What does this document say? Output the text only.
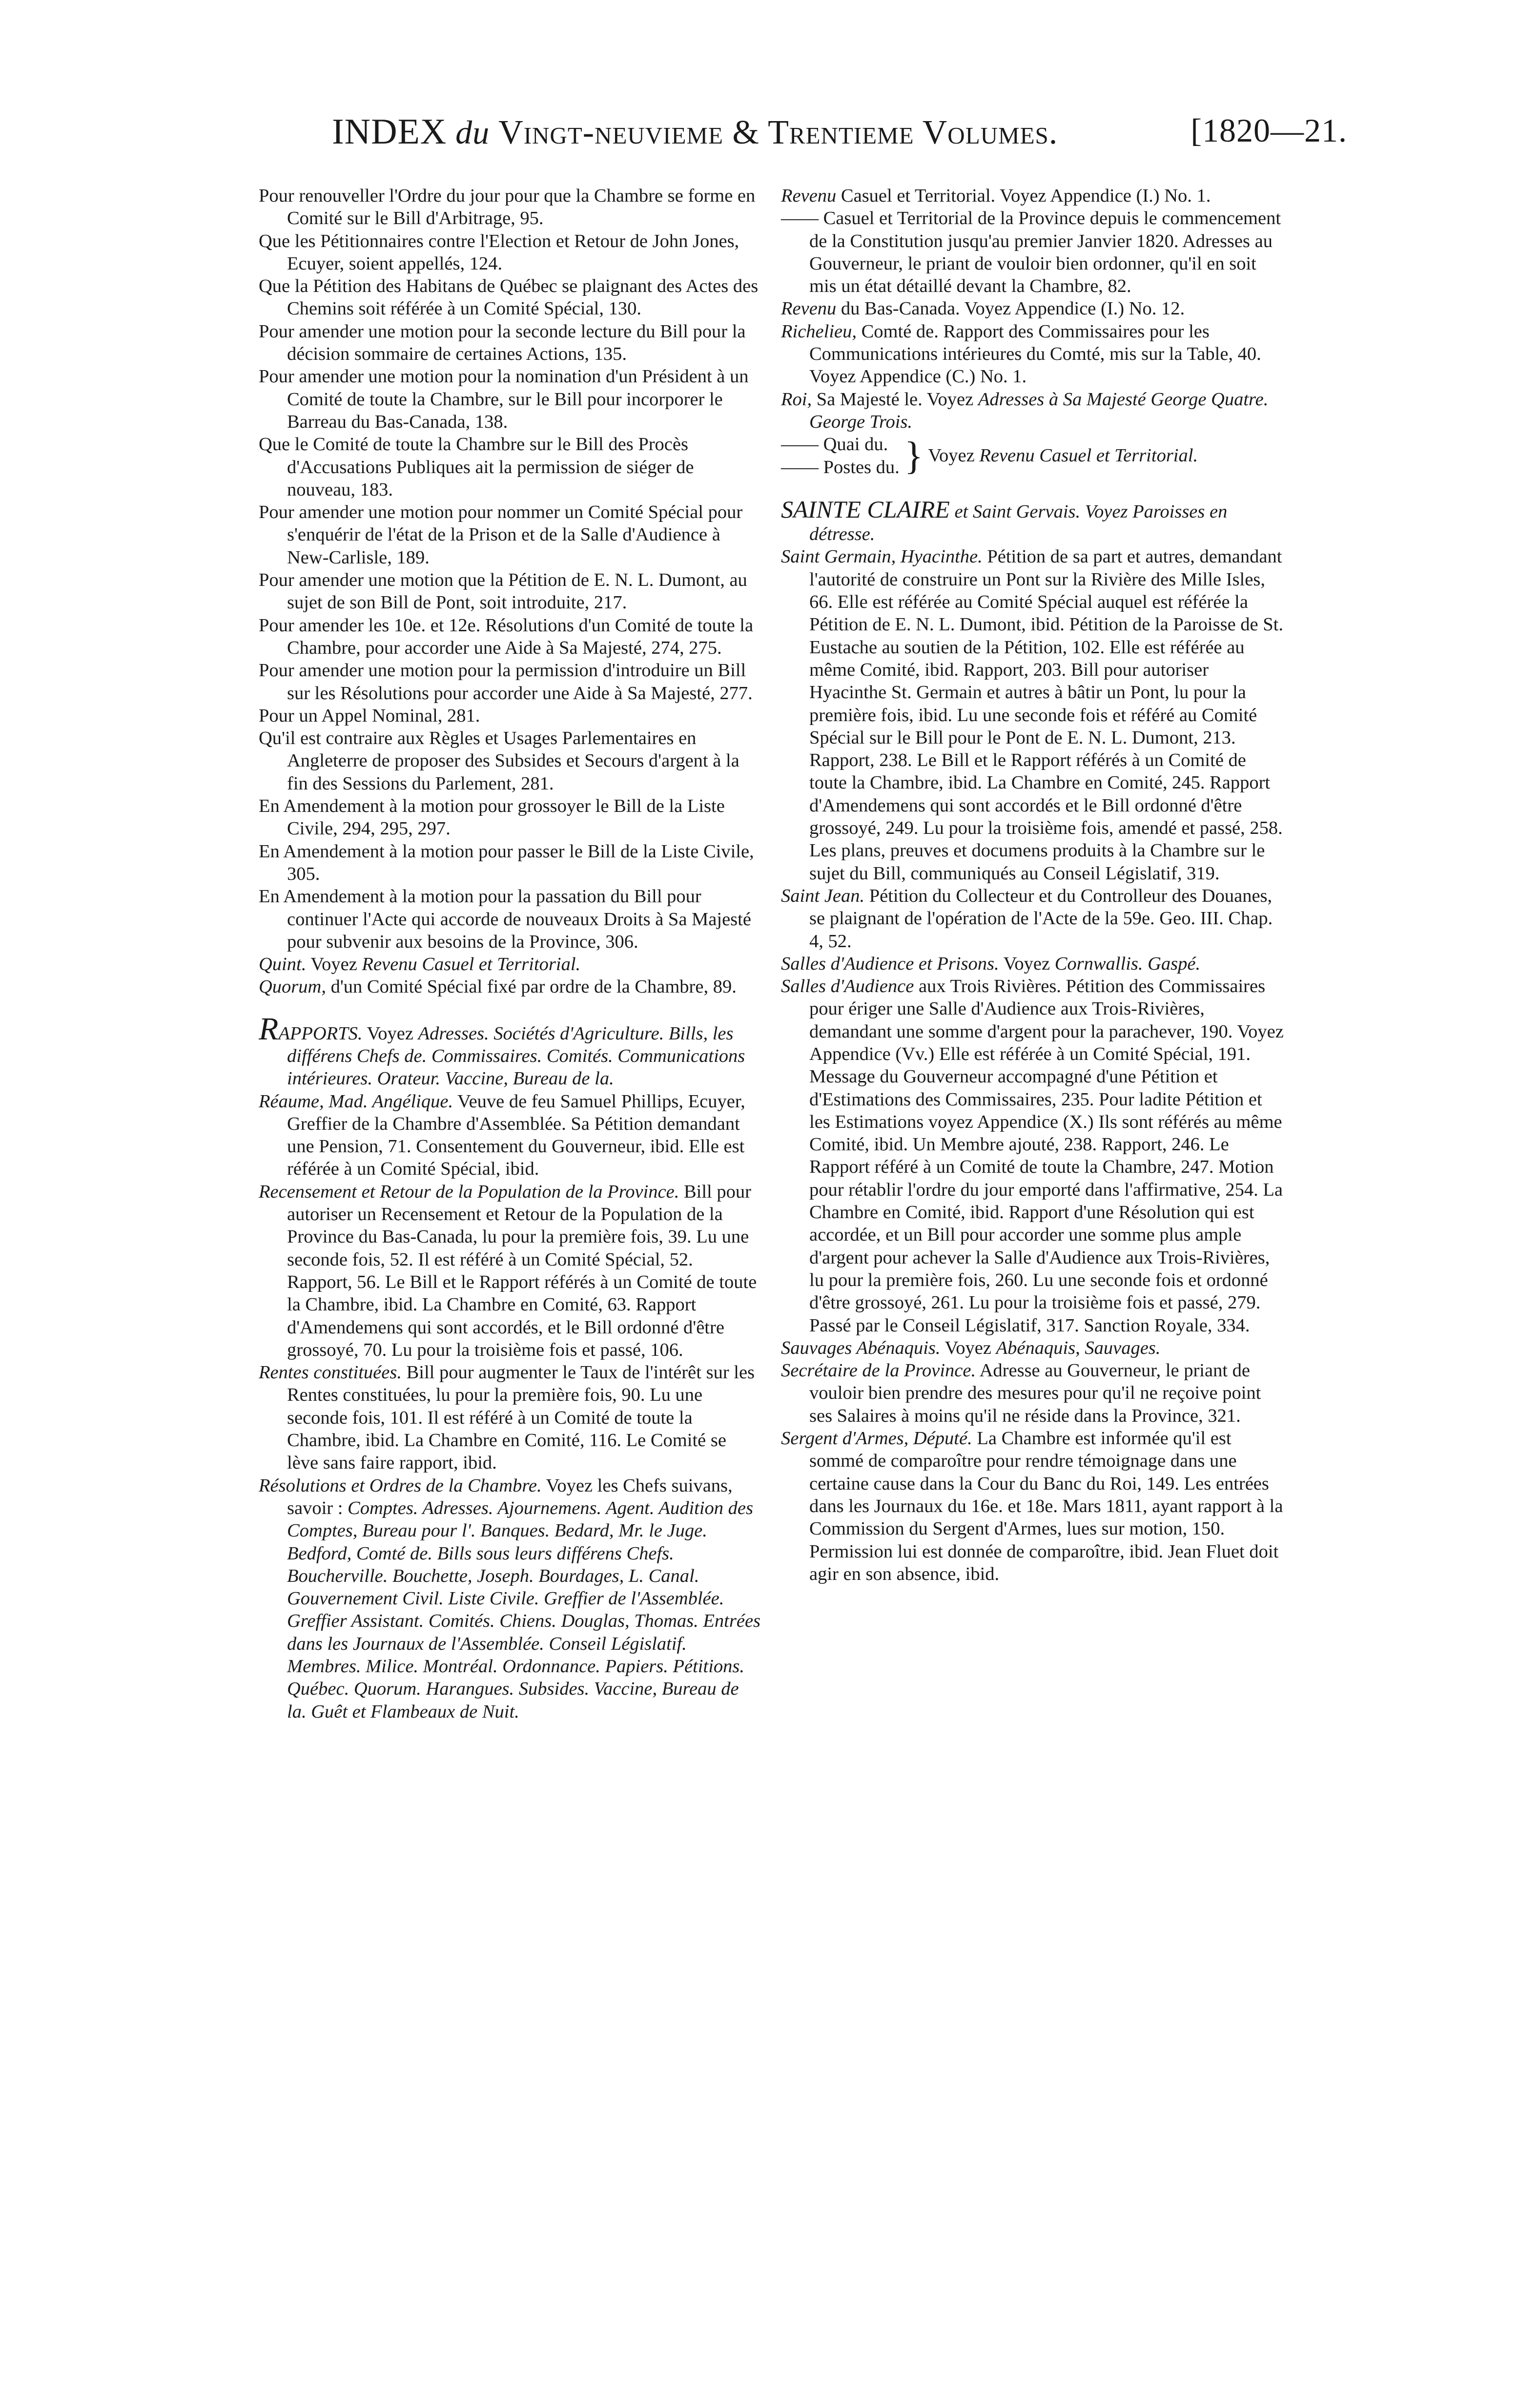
INDEX du Vingt-neuvieme & Trentieme Volumes.	[1820—21.

Pour renouveller l'Ordre du jour pour que la Chambre se forme en Comité sur le Bill d'Arbitrage, 95.

Que les Pétitionnaires contre l'Election et Retour de John Jones, Ecuyer, soient appellés, 124.

Que la Pétition des Habitans de Québec se plaignant des Actes des Chemins soit référée à un Comité Spécial, 130.

Pour amender une motion pour la seconde lecture du Bill pour la décision sommaire de certaines Actions, 135.

Pour amender une motion pour la nomination d'un Président à un Comité de toute la Chambre, sur le Bill pour incorporer le Barreau du Bas-Canada, 138.

Que le Comité de toute la Chambre sur le Bill des Procès d'Accusations Publiques ait la permission de siéger de nouveau, 183.

Pour amender une motion pour nommer un Comité Spécial pour s'enquérir de l'état de la Prison et de la Salle d'Audience à New-Carlisle, 189.

Pour amender une motion que la Pétition de E. N. L. Dumont, au sujet de son Bill de Pont, soit introduite, 217.

Pour amender les 10e. et 12e. Résolutions d'un Comité de toute la Chambre, pour accorder une Aide à Sa Majesté, 274, 275.

Pour amender une motion pour la permission d'introduire un Bill sur les Résolutions pour accorder une Aide à Sa Majesté, 277.

Pour un Appel Nominal, 281.

Qu'il est contraire aux Règles et Usages Parlementaires en Angleterre de proposer des Subsides et Secours d'argent à la fin des Sessions du Parlement, 281.

En Amendement à la motion pour grossoyer le Bill de la Liste Civile, 294, 295, 297.

En Amendement à la motion pour passer le Bill de la Liste Civile, 305.

En Amendement à la motion pour la passation du Bill pour continuer l'Acte qui accorde de nouveaux Droits à Sa Majesté pour subvenir aux besoins de la Province, 306.

Quint. Voyez Revenu Casuel et Territorial.

Quorum, d'un Comité Spécial fixé par ordre de la Chambre, 89.

RAPPORTS. Voyez Adresses. Sociétés d'Agriculture. Bills, les différens Chefs de. Commissaires. Comités. Communications intérieures. Orateur. Vaccine, Bureau de la.

Réaume, Mad. Angélique. Veuve de feu Samuel Phillips, Ecuyer, Greffier de la Chambre d'Assemblée. Sa Pétition demandant une Pension, 71. Consentement du Gouverneur, ibid. Elle est référée à un Comité Spécial, ibid.

Recensement et Retour de la Population de la Province. Bill pour autoriser un Recensement et Retour de la Population de la Province du Bas-Canada, lu pour la première fois, 39. Lu une seconde fois, 52. Il est référé à un Comité Spécial, 52. Rapport, 56. Le Bill et le Rapport référés à un Comité de toute la Chambre, ibid. La Chambre en Comité, 63. Rapport d'Amendemens qui sont accordés, et le Bill ordonné d'être grossoyé, 70. Lu pour la troisième fois et passé, 106.

Rentes constituées. Bill pour augmenter le Taux de l'intérêt sur les Rentes constituées, lu pour la première fois, 90. Lu une seconde fois, 101. Il est référé à un Comité de toute la Chambre, ibid. La Chambre en Comité, 116. Le Comité se lève sans faire rapport, ibid.

Résolutions et Ordres de la Chambre. Voyez les Chefs suivans, savoir : Comptes. Adresses. Ajournemens. Agent. Audition des Comptes, Bureau pour l'. Banques. Bedard, Mr. le Juge. Bedford, Comté de. Bills sous leurs différens Chefs. Boucherville. Bouchette, Joseph. Bourdages, L. Canal. Gouvernement Civil. Liste Civile. Greffier de l'Assemblée. Greffier Assistant. Comités. Chiens. Douglas, Thomas. Entrées dans les Journaux de l'Assemblée. Conseil Législatif. Membres. Milice. Montréal. Ordonnance. Papiers. Pétitions. Québec. Quorum. Harangues. Subsides. Vaccine, Bureau de la. Guêt et Flambeaux de Nuit.

Revenu Casuel et Territorial. Voyez Appendice (I.) No. 1.

—— Casuel et Territorial de la Province depuis le commencement de la Constitution jusqu'au premier Janvier 1820. Adresses au Gouverneur, le priant de vouloir bien ordonner, qu'il en soit mis un état détaillé devant la Chambre, 82.

Revenu du Bas-Canada. Voyez Appendice (I.) No. 12.

Richelieu, Comté de. Rapport des Commissaires pour les Communications intérieures du Comté, mis sur la Table, 40. Voyez Appendice (C.) No. 1.

Roi, Sa Majesté le. Voyez Adresses à Sa Majesté George Quatre. George Trois.

—— Quai du.
—— Postes du. } Voyez Revenu Casuel et Territorial.

SAINTE CLAIRE et Saint Gervais. Voyez Paroisses en détresse.

Saint Germain, Hyacinthe. Pétition de sa part et autres, demandant l'autorité de construire un Pont sur la Rivière des Mille Isles, 66. Elle est référée au Comité Spécial auquel est référée la Pétition de E. N. L. Dumont, ibid. Pétition de la Paroisse de St. Eustache au soutien de la Pétition, 102. Elle est référée au même Comité, ibid. Rapport, 203. Bill pour autoriser Hyacinthe St. Germain et autres à bâtir un Pont, lu pour la première fois, ibid. Lu une seconde fois et référé au Comité Spécial sur le Bill pour le Pont de E. N. L. Dumont, 213. Rapport, 238. Le Bill et le Rapport référés à un Comité de toute la Chambre, ibid. La Chambre en Comité, 245. Rapport d'Amendemens qui sont accordés et le Bill ordonné d'être grossoyé, 249. Lu pour la troisième fois, amendé et passé, 258. Les plans, preuves et documens produits à la Chambre sur le sujet du Bill, communiqués au Conseil Législatif, 319.

Saint Jean. Pétition du Collecteur et du Controlleur des Douanes, se plaignant de l'opération de l'Acte de la 59e. Geo. III. Chap. 4, 52.

Salles d'Audience et Prisons. Voyez Cornwallis. Gaspé.

Salles d'Audience aux Trois Rivières. Pétition des Commissaires pour ériger une Salle d'Audience aux Trois-Rivières, demandant une somme d'argent pour la parachever, 190. Voyez Appendice (Vv.) Elle est référée à un Comité Spécial, 191. Message du Gouverneur accompagné d'une Pétition et d'Estimations des Commissaires, 235. Pour ladite Pétition et les Estimations voyez Appendice (X.) Ils sont référés au même Comité, ibid. Un Membre ajouté, 238. Rapport, 246. Le Rapport référé à un Comité de toute la Chambre, 247. Motion pour rétablir l'ordre du jour emporté dans l'affirmative, 254. La Chambre en Comité, ibid. Rapport d'une Résolution qui est accordée, et un Bill pour accorder une somme plus ample d'argent pour achever la Salle d'Audience aux Trois-Rivières, lu pour la première fois, 260. Lu une seconde fois et ordonné d'être grossoyé, 261. Lu pour la troisième fois et passé, 279. Passé par le Conseil Législatif, 317. Sanction Royale, 334.

Sauvages Abénaquis. Voyez Abénaquis, Sauvages.

Secrétaire de la Province. Adresse au Gouverneur, le priant de vouloir bien prendre des mesures pour qu'il ne reçoive point ses Salaires à moins qu'il ne réside dans la Province, 321.

Sergent d'Armes, Député. La Chambre est informée qu'il est sommé de comparoître pour rendre témoignage dans une certaine cause dans la Cour du Banc du Roi, 149. Les entrées dans les Journaux du 16e. et 18e. Mars 1811, ayant rapport à la Commission du Sergent d'Armes, lues sur motion, 150. Permission lui est donnée de comparoître, ibid. Jean Fluet doit agir en son absence, ibid.
